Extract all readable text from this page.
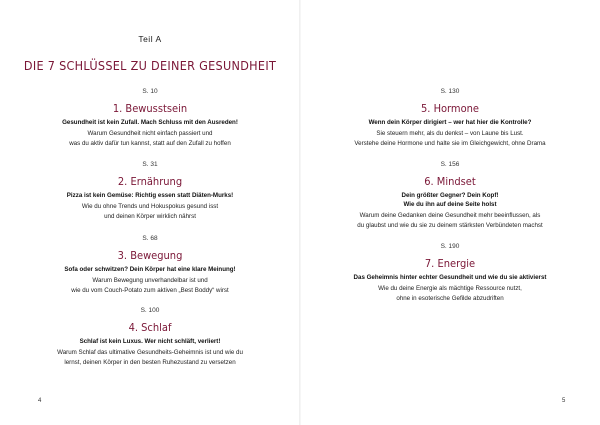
Teil A
DIE 7 SCHLÜSSEL ZU DEINER GESUNDHEIT
S. 10
1. Bewusstsein
Gesundheit ist kein Zufall. Mach Schluss mit den Ausreden!
Warum Gesundheit nicht einfach passiert und
was du aktiv dafür tun kannst, statt auf den Zufall zu hoffen
S. 31
2. Ernährung
Pizza ist kein Gemüse: Richtig essen statt Diäten-Murks!
Wie du ohne Trends und Hokuspokus gesund isst
und deinen Körper wirklich nährst
S. 68
3. Bewegung
Sofa oder schwitzen? Dein Körper hat eine klare Meinung!
Warum Bewegung unverhandelbar ist und
wie du vom Couch-Potato zum aktiven „Best Boddy“ wirst
S. 100
4. Schlaf
Schlaf ist kein Luxus. Wer nicht schläft, verliert!
Warum Schlaf das ultimative Gesundheits-Geheimnis ist und wie du
lernst, deinen Körper in den besten Ruhezustand zu versetzen
4
S. 130
5. Hormone
Wenn dein Körper dirigiert – wer hat hier die Kontrolle?
Sie steuern mehr, als du denkst – von Laune bis Lust.
Verstehe deine Hormone und halte sie im Gleichgewicht, ohne Drama
S. 156
6. Mindset
Dein größter Gegner? Dein Kopf!
Wie du ihn auf deine Seite holst
Warum deine Gedanken deine Gesundheit mehr beeinflussen, als
du glaubst und wie du sie zu deinem stärksten Verbündeten machst
S. 190
7. Energie
Das Geheimnis hinter echter Gesundheit und wie du sie aktivierst
Wie du deine Energie als mächtige Ressource nutzt,
ohne in esoterische Gefilde abzudriften
5
